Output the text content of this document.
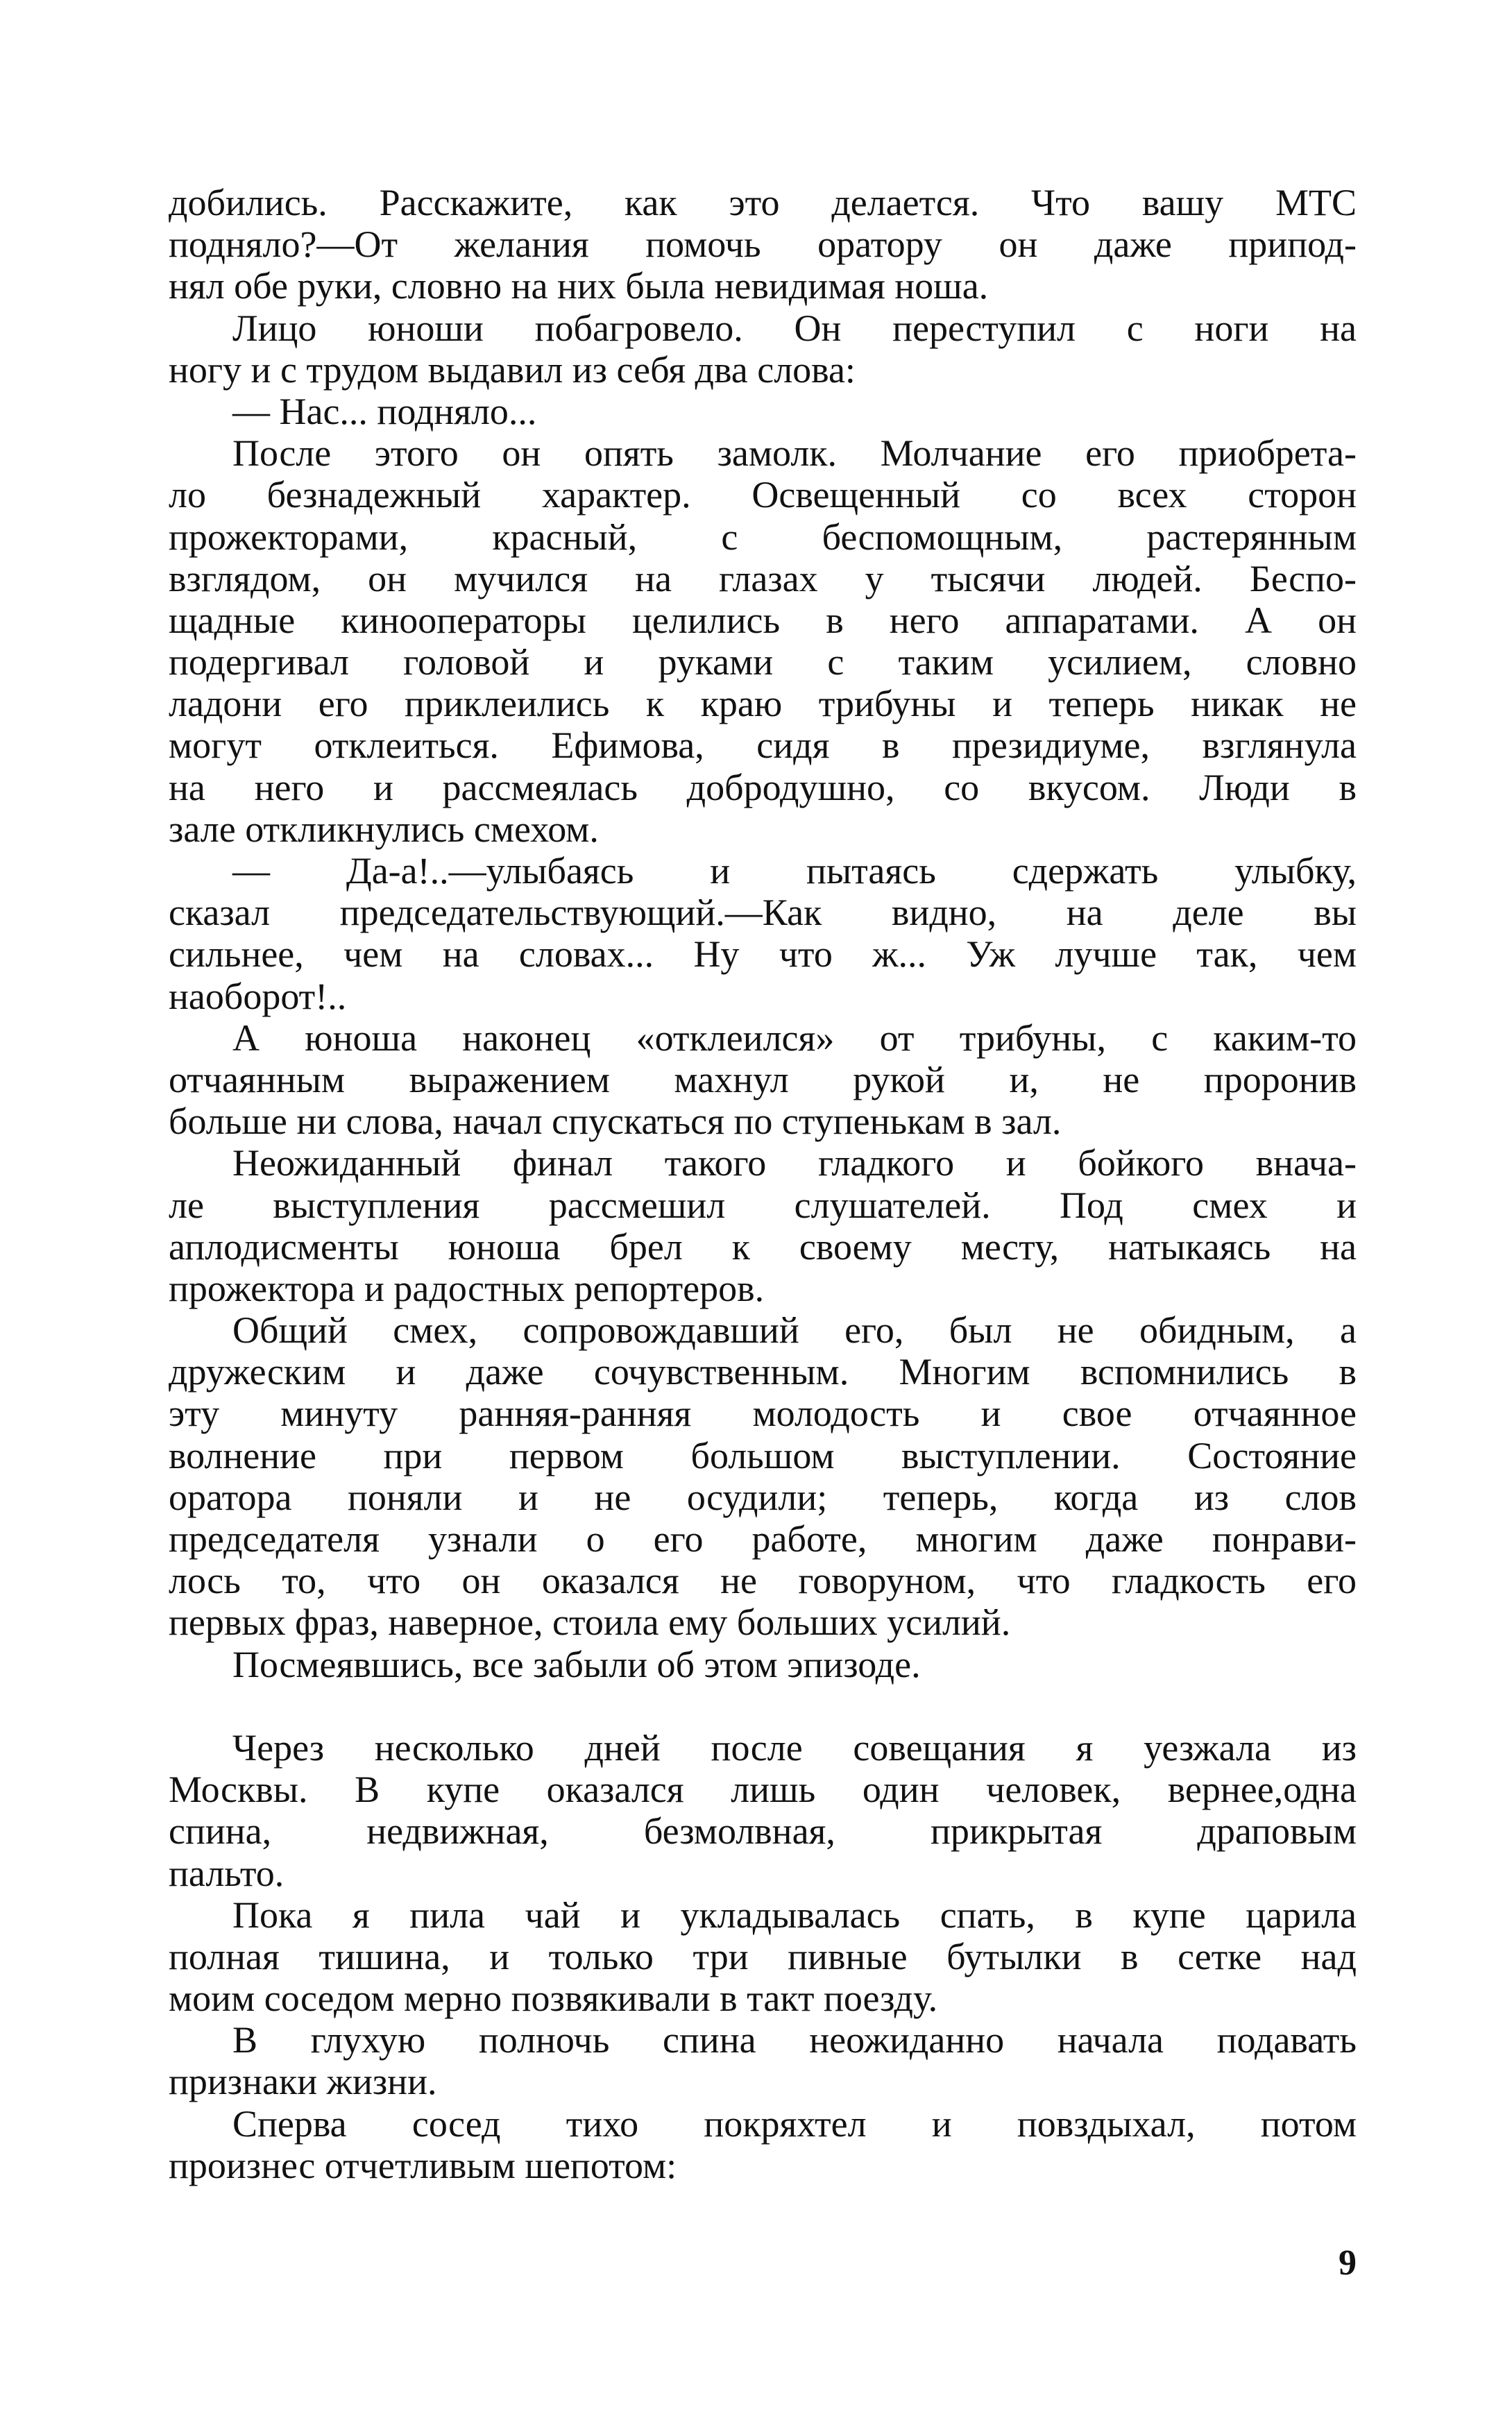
добились. Расскажите, как это делается. Что вашу МТС
подняло?—От желания помочь оратору он даже припод-
нял обе руки, словно на них была невидимая ноша.
Лицо юноши побагровело. Он переступил с ноги на
ногу и с трудом выдавил из себя два слова:
— Нас... подняло...
После этого он опять замолк. Молчание его приобрета-
ло безнадежный характер. Освещенный со всех сторон
прожекторами, красный, с беспомощным, растерянным
взглядом, он мучился на глазах у тысячи людей. Беспо-
щадные кинооператоры целились в него аппаратами. А он
подергивал головой и руками с таким усилием, словно
ладони его приклеились к краю трибуны и теперь никак не
могут отклеиться. Ефимова, сидя в президиуме, взглянула
на него и рассмеялась добродушно, со вкусом. Люди в
зале откликнулись смехом.
— Да-а!..—улыбаясь и пытаясь сдержать улыбку,
сказал председательствующий.—Как видно, на деле вы
сильнее, чем на словах... Ну что ж... Уж лучше так, чем
наоборот!..
А юноша наконец «отклеился» от трибуны, с каким-то
отчаянным выражением махнул рукой и, не проронив
больше ни слова, начал спускаться по ступенькам в зал.
Неожиданный финал такого гладкого и бойкого внача-
ле выступления рассмешил слушателей. Под смех и
аплодисменты юноша брел к своему месту, натыкаясь на
прожектора и радостных репортеров.
Общий смех, сопровождавший его, был не обидным, а
дружеским и даже сочувственным. Многим вспомнились в
эту минуту ранняя-ранняя молодость и свое отчаянное
волнение при первом большом выступлении. Состояние
оратора поняли и не осудили; теперь, когда из слов
председателя узнали о его работе, многим даже понрави-
лось то, что он оказался не говоруном, что гладкость его
первых фраз, наверное, стоила ему больших усилий.
Посмеявшись, все забыли об этом эпизоде.
Через несколько дней после совещания я уезжала из
Москвы. В купе оказался лишь один человек, вернее,одна
спина, недвижная, безмолвная, прикрытая драповым
пальто.
Пока я пила чай и укладывалась спать, в купе царила
полная тишина, и только три пивные бутылки в сетке над
моим соседом мерно позвякивали в такт поезду.
В глухую полночь спина неожиданно начала подавать
признаки жизни.
Сперва сосед тихо покряхтел и повздыхал, потом
произнес отчетливым шепотом:
9
